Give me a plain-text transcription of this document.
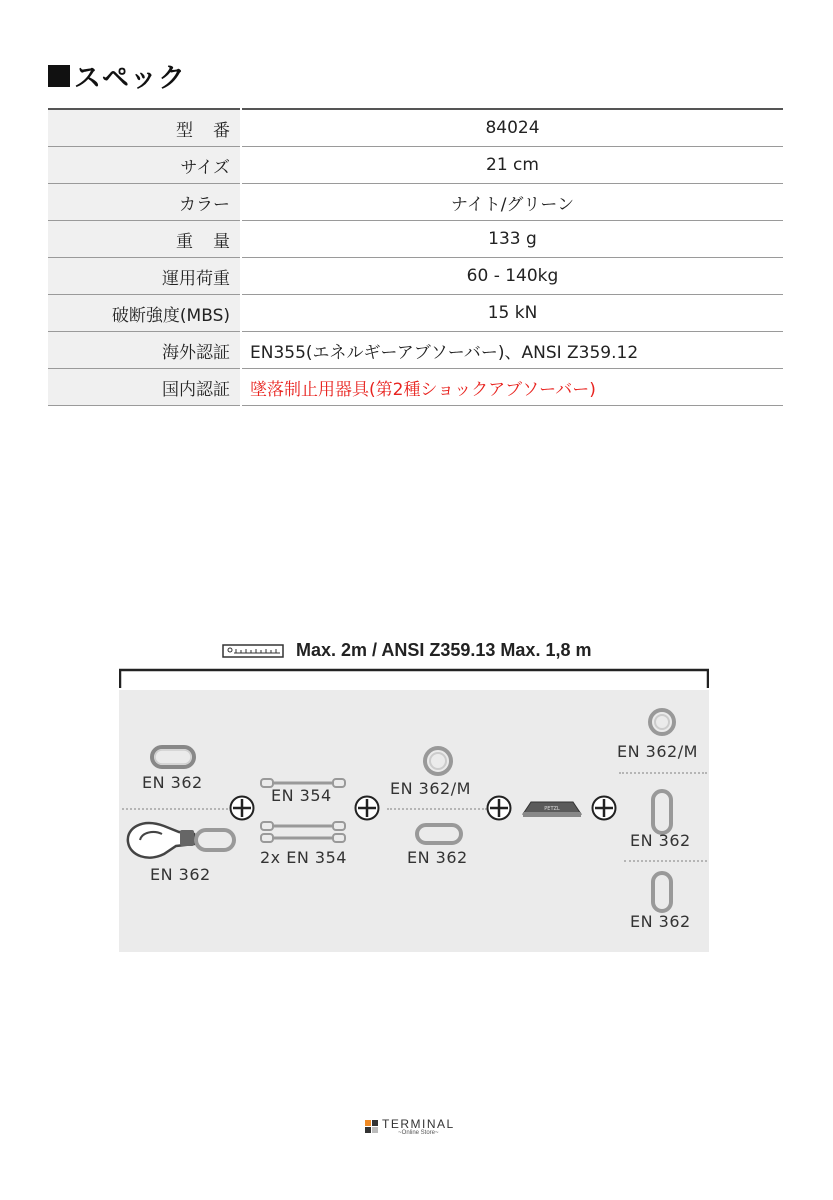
スペック
型番	84024
サイズ	21 cm
カラー	ナイト/グリーン
重量	133 g
運用荷重	60 - 140kg
破断強度(MBS)	15 kN
海外認証	EN355(エネルギーアブソーバー)、ANSI Z359.12
国内認証	墜落制止用器具(第2種ショックアブソーバー)
Max. 2m / ANSI Z359.13 Max. 1,8 m
EN 362
EN 362
EN 354
2x EN 354
EN 362/M
EN 362
PETZL
EN 362/M
EN 362
EN 362
TERMINAL
~Online Store~
